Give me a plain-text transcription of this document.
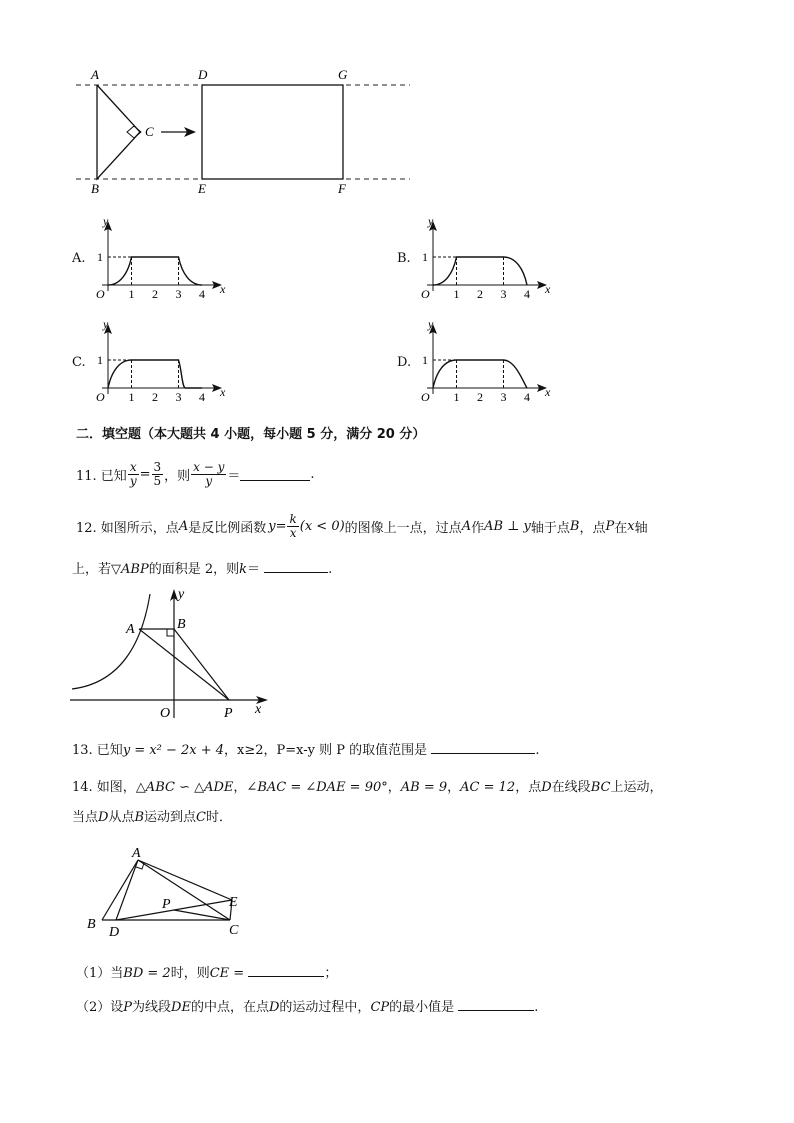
A
B
C
D
E	F
G
A.	B.
C.	D.
1 2 3 4
1
O	x
y
1 2 3 4
1
O	x
y
1 2 3 4
1
O	x
y
1 2 3 4
1
O	x
y
二．填空题（本大题共 4 小题，每小题 5 分，满分 20 分）
11. 已知 $\frac{x}{y} = \frac{3}{5}$ ，则 $\frac{x - y}{y}$ ＝	.
12. 如图所示，点 A 是反比例函数 $y = \frac{k}{x} (x < 0)$ 的图像上一点，过点 A 作 AB ⊥ y 轴于点 B ，点 P 在 x 轴
上，若▽ABP的面积是 2，则k＝	.
A	B
O	P x
y
13. 已知y = x² − 2x + 4，x≥2，P=x-y 则 P 的取值范围是	.
14. 如图，△ABC ∽ △ADE，∠BAC = ∠DAE = 90°，AB = 9，AC = 12，点D在线段BC上运动，
当点D从点B运动到点C时．
A
B	C
D
E
P
（1）当BD = 2时，则CE =	；
（2）设P为线段DE的中点，在点D的运动过程中，CP的最小值是	.
